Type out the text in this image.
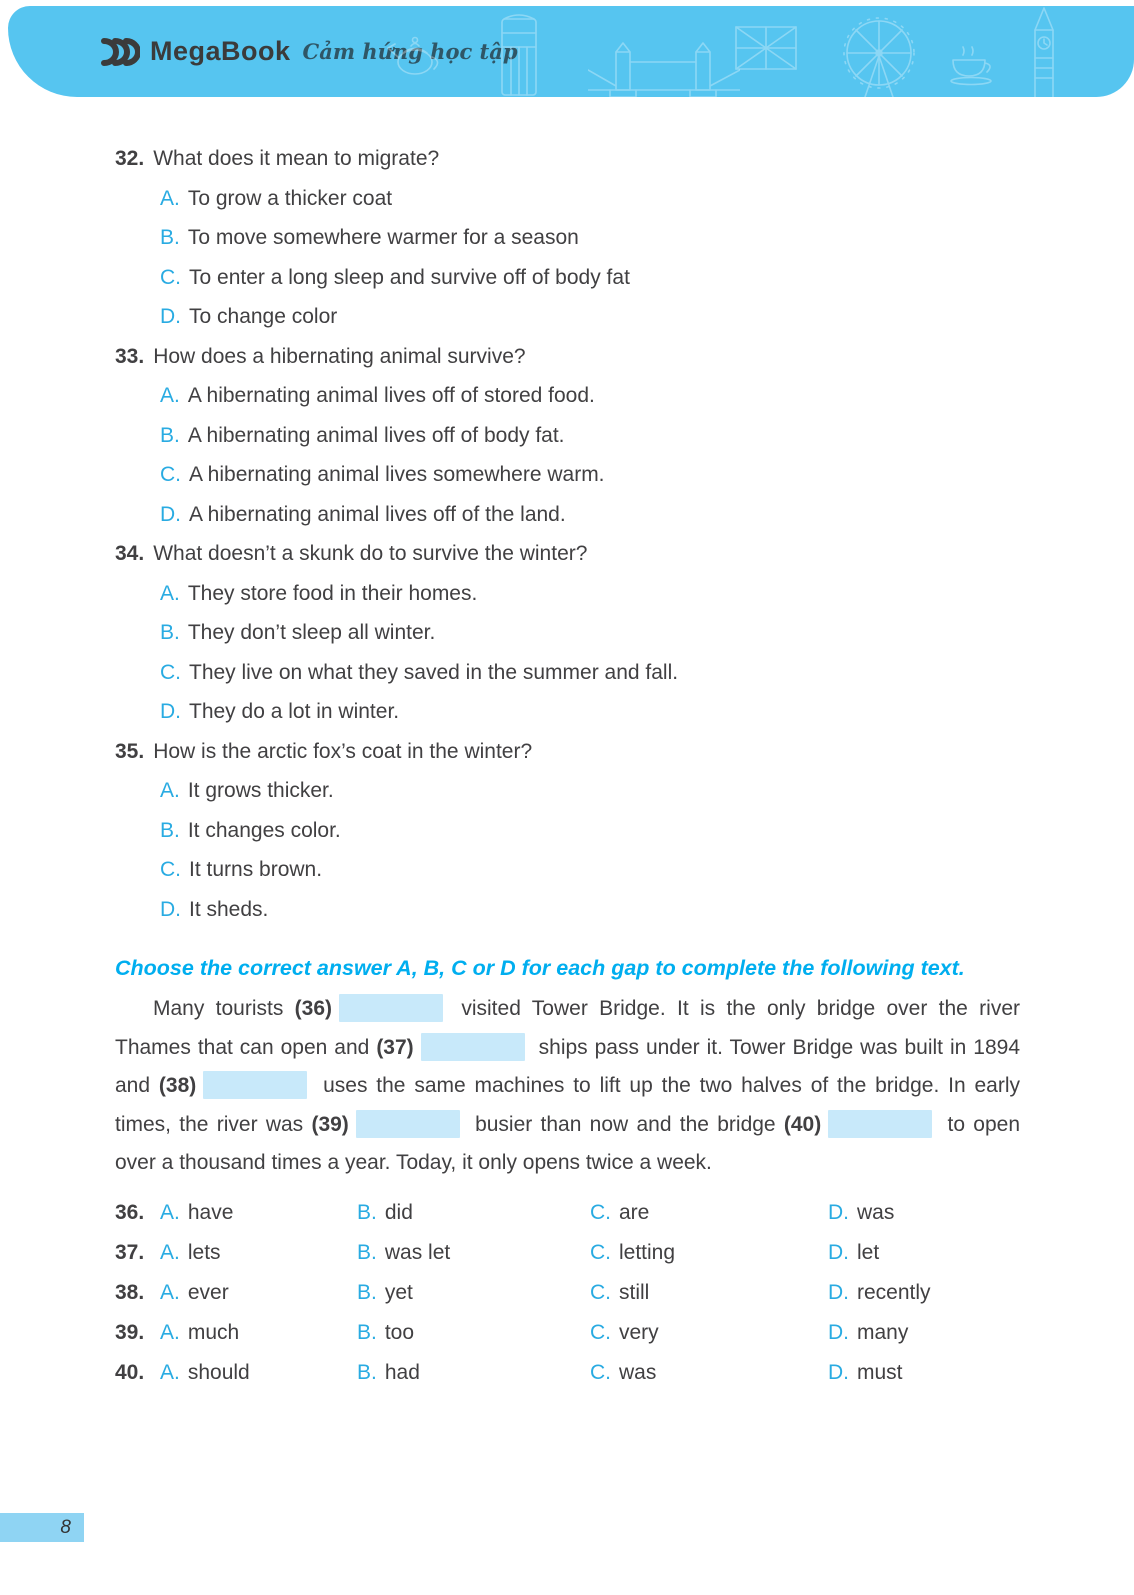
MegaBook Cảm hứng học tập
32. What does it mean to migrate?
A. To grow a thicker coat
B. To move somewhere warmer for a season
C. To enter a long sleep and survive off of body fat
D. To change color
33. How does a hibernating animal survive?
A. A hibernating animal lives off of stored food.
B. A hibernating animal lives off of body fat.
C. A hibernating animal lives somewhere warm.
D. A hibernating animal lives off of the land.
34. What doesn’t a skunk do to survive the winter?
A. They store food in their homes.
B. They don’t sleep all winter.
C. They live on what they saved in the summer and fall.
D. They do a lot in winter.
35. How is the arctic fox’s coat in the winter?
A. It grows thicker.
B. It changes color.
C. It turns brown.
D. It sheds.
Choose the correct answer A, B, C or D for each gap to complete the following text.

Many tourists (36)	visited Tower Bridge. It is the only bridge over the river Thames that can open and (37)	ships pass under it. Tower Bridge was built in 1894 and (38)	uses the same machines to lift up the two halves of the bridge. In early times, the river was (39)	busier than now and the bridge (40)	to open over a thousand times a year. Today, it only opens twice a week.

36. A. have	B. did	C. are	D. was
37. A. lets	B. was let	C. letting	D. let
38. A. ever	B. yet	C. still	D. recently
39. A. much	B. too	C. very	D. many
40. A. should	B. had	C. was	D. must
8
